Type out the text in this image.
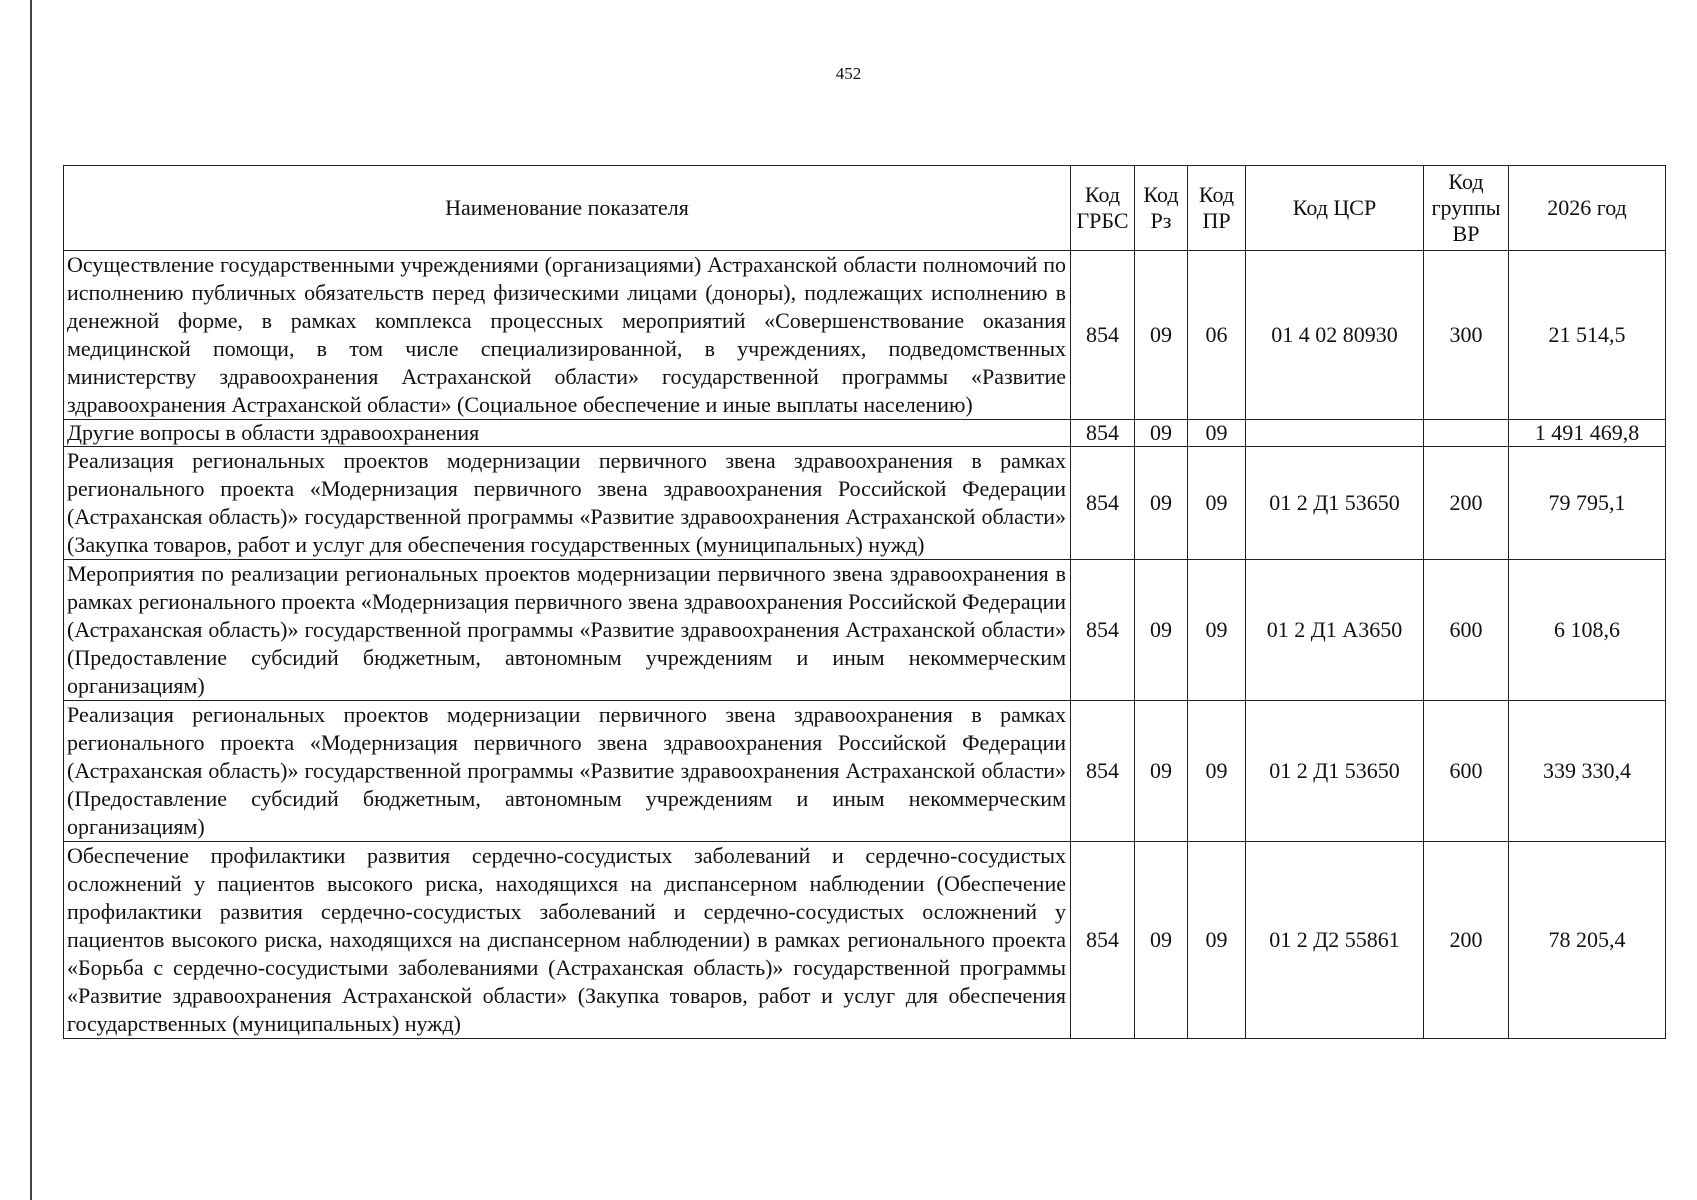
452
Наименование показателя	Код ГРБС	Код Рз	Код ПР	Код ЦСР	Код группы ВР	2026 год
Осуществление государственными учреждениями (организациями) Астраханской области полномочий по исполнению публичных обязательств перед физическими лицами (доноры), подлежащих исполнению в денежной форме, в рамках комплекса процессных мероприятий «Совершенствование оказания медицинской помощи, в том числе специализированной, в учреждениях, подведомственных министерству здравоохранения Астраханской области» государственной программы «Развитие здравоохранения Астраханской области» (Социальное обеспечение и иные выплаты населению)	854	09	06	01 4 02 80930	300	21 514,5
Другие вопросы в области здравоохранения	854	09	09			1 491 469,8
Реализация региональных проектов модернизации первичного звена здравоохранения в рамках регионального проекта «Модернизация первичного звена здравоохранения Российской Федерации (Астраханская область)» государственной программы «Развитие здравоохранения Астраханской области» (Закупка товаров, работ и услуг для обеспечения государственных (муниципальных) нужд)	854	09	09	01 2 Д1 53650	200	79 795,1
Мероприятия по реализации региональных проектов модернизации первичного звена здравоохранения в рамках регионального проекта «Модернизация первичного звена здравоохранения Российской Федерации (Астраханская область)» государственной программы «Развитие здравоохранения Астраханской области» (Предоставление субсидий бюджетным, автономным учреждениям и иным некоммерческим организациям)	854	09	09	01 2 Д1 А3650	600	6 108,6
Реализация региональных проектов модернизации первичного звена здравоохранения в рамках регионального проекта «Модернизация первичного звена здравоохранения Российской Федерации (Астраханская область)» государственной программы «Развитие здравоохранения Астраханской области» (Предоставление субсидий бюджетным, автономным учреждениям и иным некоммерческим организациям)	854	09	09	01 2 Д1 53650	600	339 330,4
Обеспечение профилактики развития сердечно-сосудистых заболеваний и сердечно-сосудистых осложнений у пациентов высокого риска, находящихся на диспансерном наблюдении (Обеспечение профилактики развития сердечно-сосудистых заболеваний и сердечно-сосудистых осложнений у пациентов высокого риска, находящихся на диспансерном наблюдении) в рамках регионального проекта «Борьба с сердечно-сосудистыми заболеваниями (Астраханская область)» государственной программы «Развитие здравоохранения Астраханской области» (Закупка товаров, работ и услуг для обеспечения государственных (муниципальных) нужд)	854	09	09	01 2 Д2 55861	200	78 205,4
